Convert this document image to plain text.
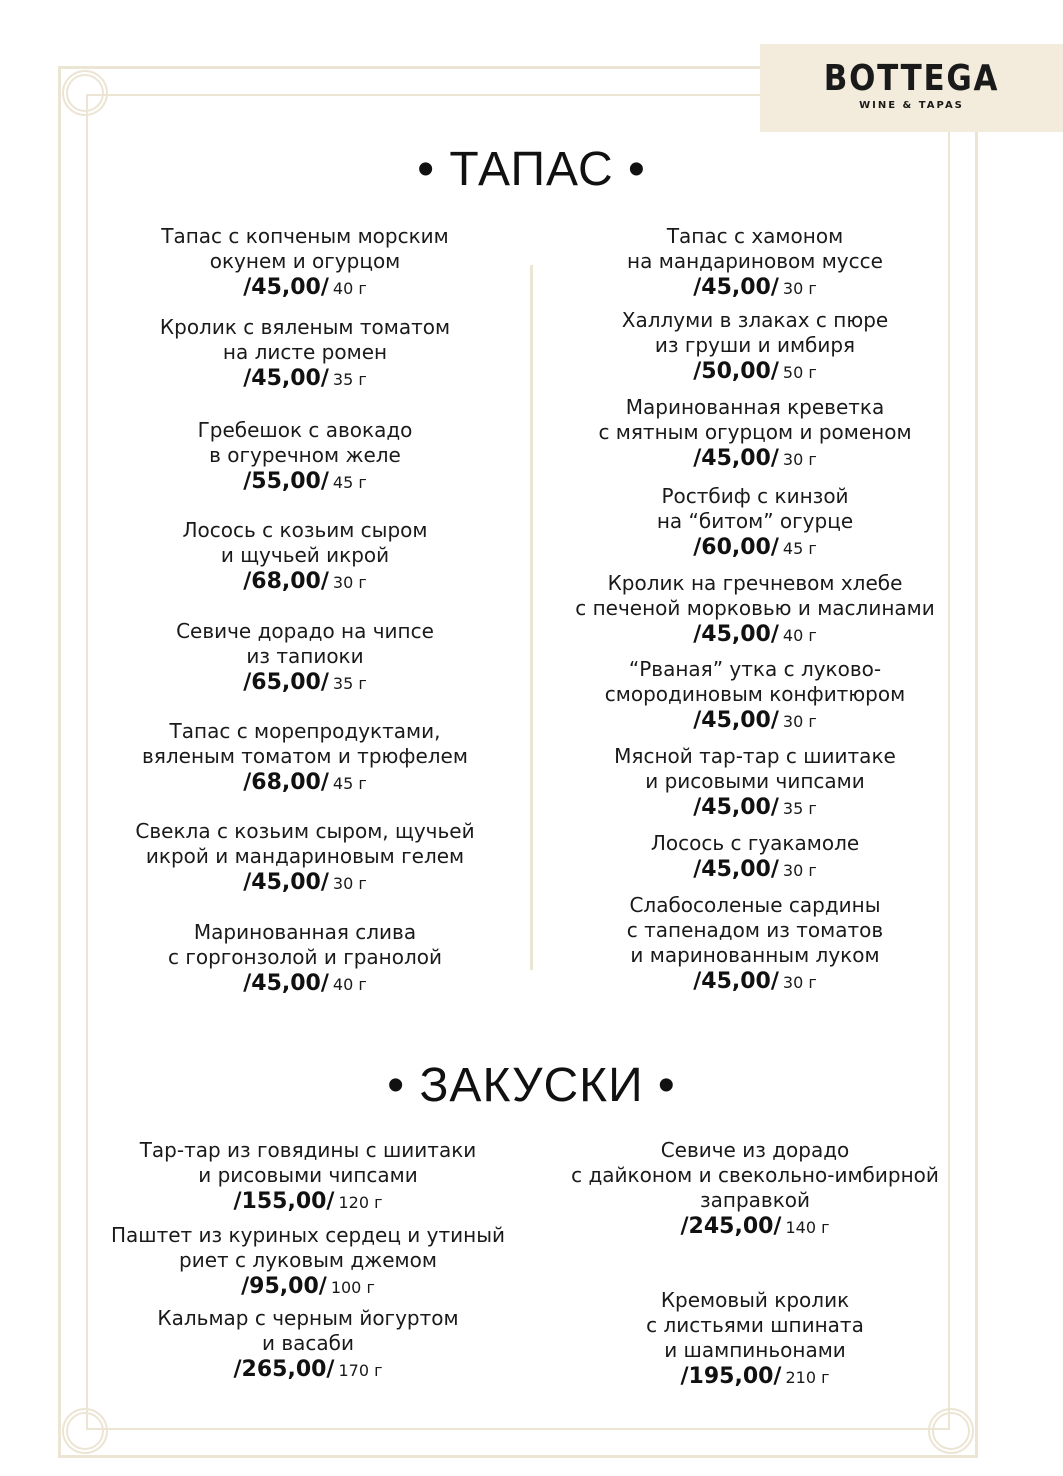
BOTTEGA
WINE & TAPAS
• ТАПАС •
Тапас с копченым морским
окунем и огурцом
/45,00/ 40 г
Кролик с вяленым томатом
на листе ромен
/45,00/ 35 г
Гребешок с авокадо
в огуречном желе
/55,00/ 45 г
Лосось с козьим сыром
и щучьей икрой
/68,00/ 30 г
Севиче дорадо на чипсе
из тапиоки
/65,00/ 35 г
Тапас с морепродуктами,
вяленым томатом и трюфелем
/68,00/ 45 г
Свекла с козьим сыром, щучьей
икрой и мандариновым гелем
/45,00/ 30 г
Маринованная слива
с горгонзолой и гранолой
/45,00/ 40 г
Тапас с хамоном
на мандариновом муссе
/45,00/ 30 г
Халлуми в злаках с пюре
из груши и имбиря
/50,00/ 50 г
Маринованная креветка
с мятным огурцом и роменом
/45,00/ 30 г
Ростбиф с кинзой
на “битом” огурце
/60,00/ 45 г
Кролик на гречневом хлебе
с печеной морковью и маслинами
/45,00/ 40 г
“Рваная” утка с луково-
смородиновым конфитюром
/45,00/ 30 г
Мясной тар-тар с шиитаке
и рисовыми чипсами
/45,00/ 35 г
Лосось с гуакамоле
/45,00/ 30 г
Слабосоленые сардины
с тапенадом из томатов
и маринованным луком
/45,00/ 30 г
• ЗАКУСКИ •
Тар-тар из говядины с шиитаки
и рисовыми чипсами
/155,00/ 120 г
Паштет из куриных сердец и утиный
риет с луковым джемом
/95,00/ 100 г
Кальмар с черным йогуртом
и васаби
/265,00/ 170 г
Севиче из дорадо
с дайконом и свекольно-имбирной
заправкой
/245,00/ 140 г
Кремовый кролик
с листьями шпината
и шампиньонами
/195,00/ 210 г
